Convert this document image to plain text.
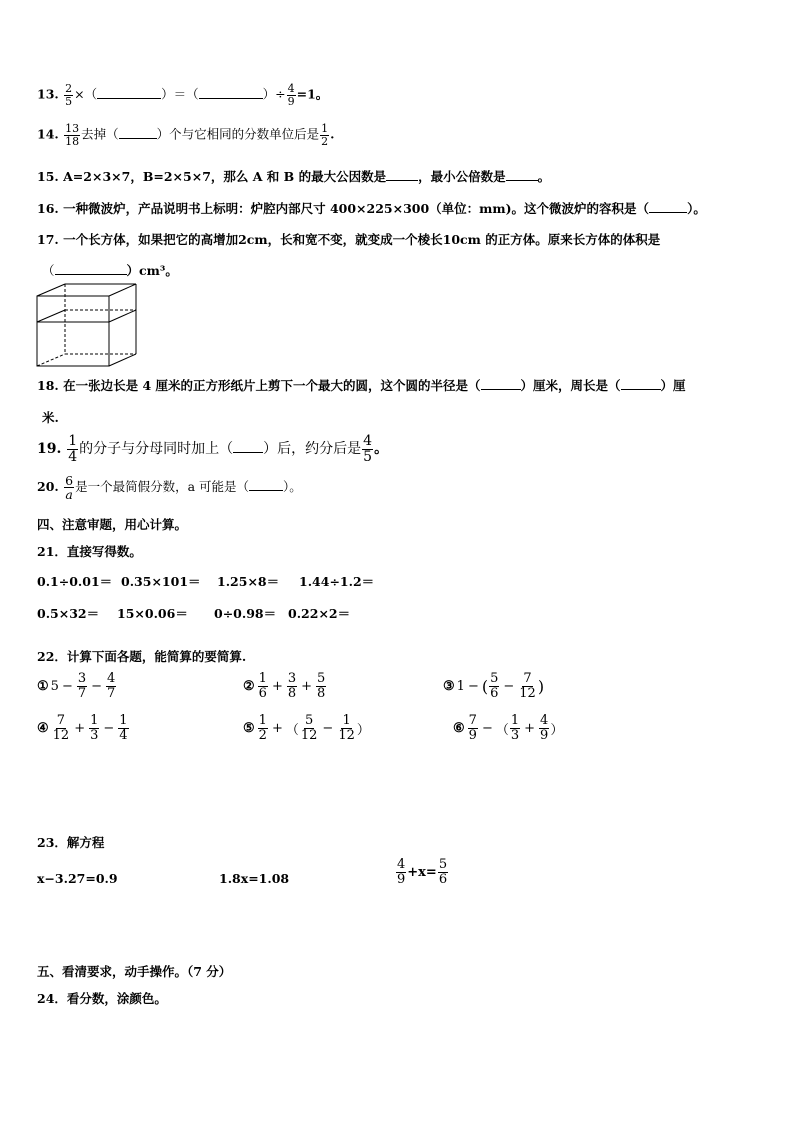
13. $\frac{2}{5}$ ×（	）＝（	）÷ $\frac{4}{9} =1$。
14. $\frac{13}{18}$ 去掉（	）个与它相同的分数单位后是 $\frac{1}{2}$ .
15. A=2×3×7，B=2×5×7，那么 A 和 B 的最大公因数是	，最小公倍数是	。
16. 一种微波炉，产品说明书上标明：炉腔内部尺寸 400×225×300（单位：mm)。这个微波炉的容积是（	）。
17. 一个长方体，如果把它的高增加2cm，长和宽不变，就变成一个棱长10cm 的正方体。原来长方体的体积是
（	）cm³。
18. 在一张边长是 4 厘米的正方形纸片上剪下一个最大的圆，这个圆的半径是（	）厘米，周长是（	）厘
米.
19. $\frac{1}{4}$ 的分子与分母同时加上（ ）后，约分后是 $\frac{4}{5}$ 。
20. $\frac{6}{a}$ 是一个最简假分数，a 可能是（	）。
四、注意审题，用心计算。
21．直接写得数。
0.1÷0.01＝ 0.35×101＝ 1.25×8＝ 1.44÷1.2＝
0.5×32＝ 15×0.06＝ 0÷0.98＝ 0.22×2＝
22．计算下面各题，能简算的要简算.
① $5 - \frac{3}{7} - \frac{4}{7}$	② $\frac{1}{6} + \frac{3}{8} + \frac{5}{8}$	③ 1 − ( $\frac{5}{6} - \frac{7}{12}$ )
④ $\frac{7}{12} + \frac{1}{3} - \frac{1}{4}$	⑤ $\frac{1}{2}$ + （ $\frac{5}{12} - \frac{1}{12}$ ）	⑥ $\frac{7}{9}$ − （ $\frac{1}{3} + \frac{4}{9}$ ）
23．解方程
x−3.27=0.9	1.8x=1.08	$\frac{4}{9} +x= \frac{5}{6}$
五、看清要求，动手操作。（7 分）
24．看分数，涂颜色。
